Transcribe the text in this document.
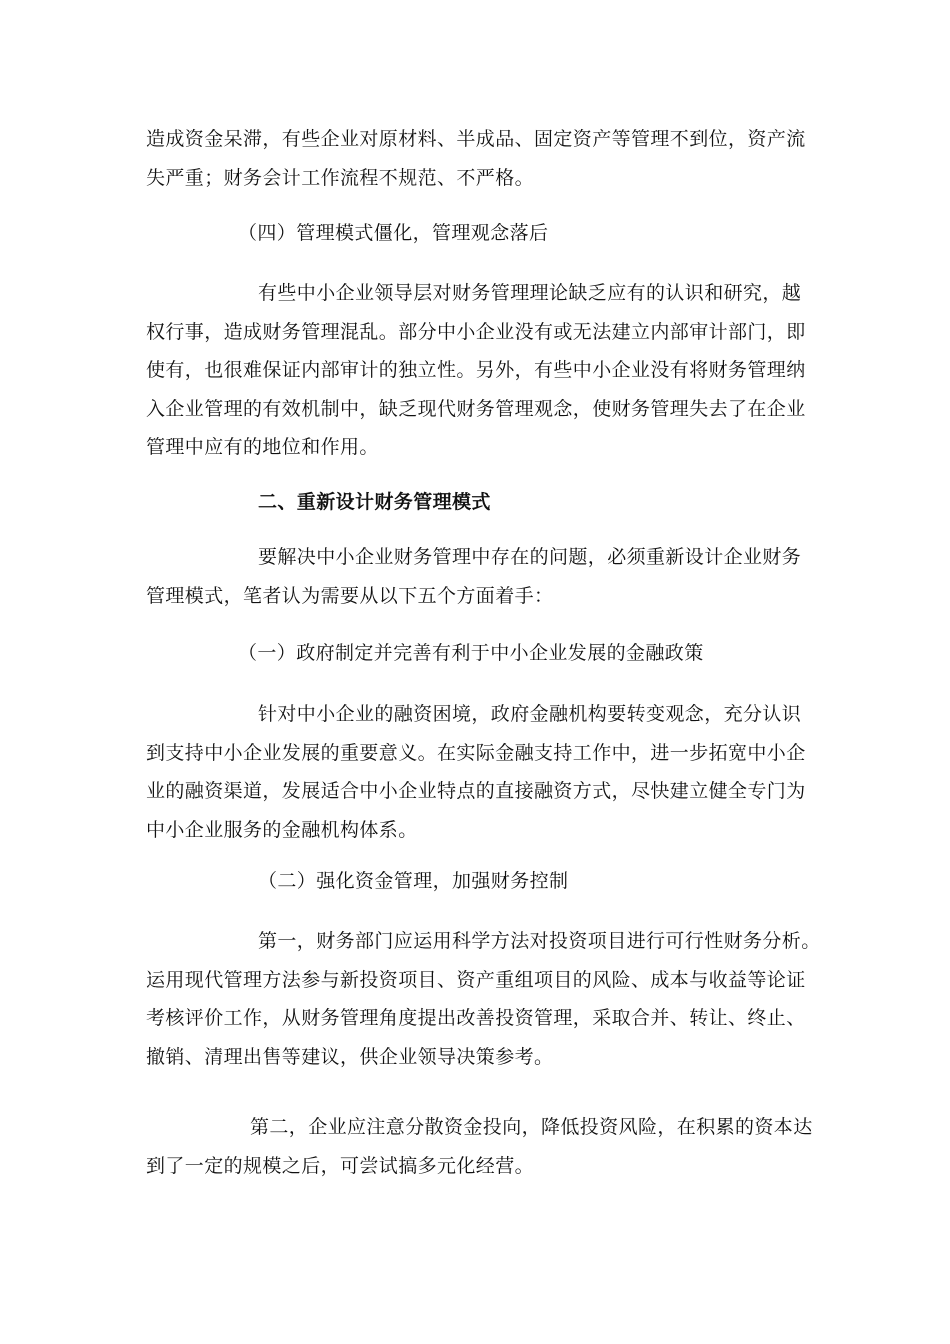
造成资金呆滞，有些企业对原材料、半成品、固定资产等管理不到位，资产流
失严重；财务会计工作流程不规范、不严格。
（四）管理模式僵化，管理观念落后
有些中小企业领导层对财务管理理论缺乏应有的认识和研究，越
权行事，造成财务管理混乱。部分中小企业没有或无法建立内部审计部门，即
使有，也很难保证内部审计的独立性。另外，有些中小企业没有将财务管理纳
入企业管理的有效机制中，缺乏现代财务管理观念，使财务管理失去了在企业
管理中应有的地位和作用。
二、重新设计财务管理模式
要解决中小企业财务管理中存在的问题，必须重新设计企业财务
管理模式，笔者认为需要从以下五个方面着手：
（一）政府制定并完善有利于中小企业发展的金融政策
针对中小企业的融资困境，政府金融机构要转变观念，充分认识
到支持中小企业发展的重要意义。在实际金融支持工作中，进一步拓宽中小企
业的融资渠道，发展适合中小企业特点的直接融资方式，尽快建立健全专门为
中小企业服务的金融机构体系。
（二）强化资金管理，加强财务控制
第一，财务部门应运用科学方法对投资项目进行可行性财务分析。
运用现代管理方法参与新投资项目、资产重组项目的风险、成本与收益等论证
考核评价工作，从财务管理角度提出改善投资管理，采取合并、转让、终止、
撤销、清理出售等建议，供企业领导决策参考。
第二，企业应注意分散资金投向，降低投资风险，在积累的资本达
到了一定的规模之后，可尝试搞多元化经营。
